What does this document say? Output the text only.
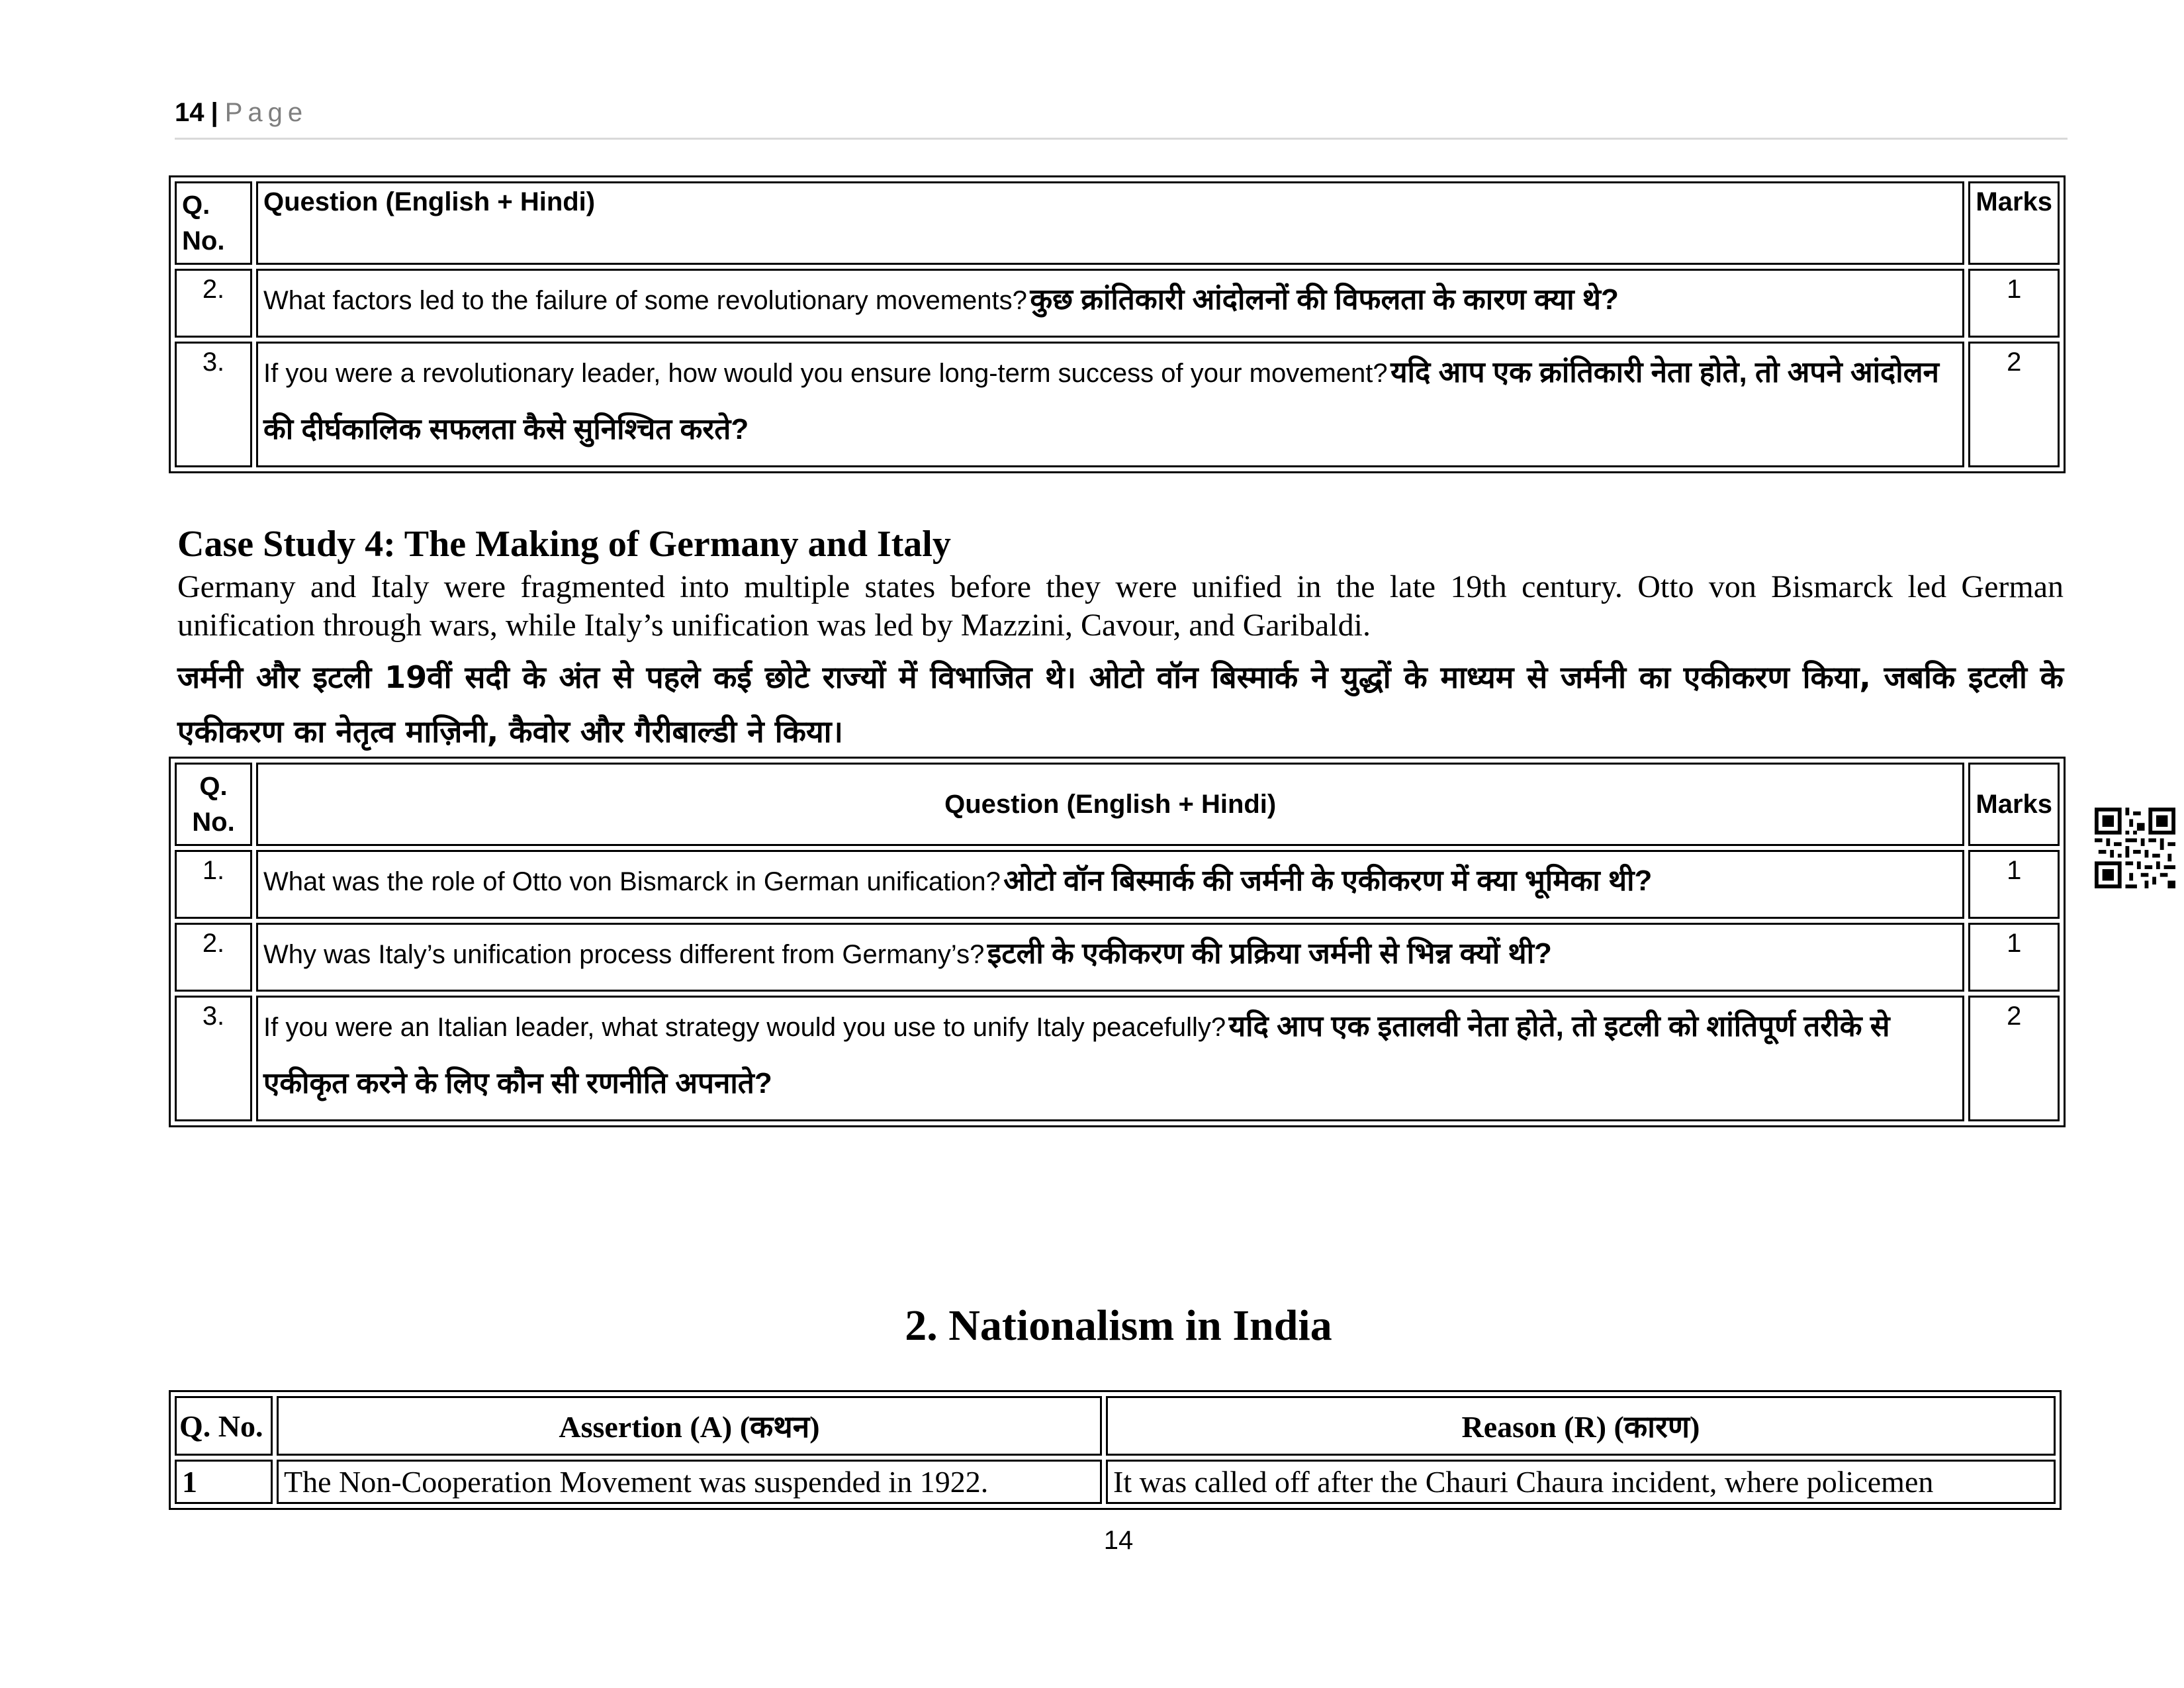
14 | Page
Q.
No.	Question (English + Hindi)	Marks
2.	What factors led to the failure of some revolutionary movements? कुछ क्रांतिकारी आंदोलनों की विफलता के कारण क्या थे?	1
3.	If you were a revolutionary leader, how would you ensure long-term success of your movement? यदि आप एक क्रांतिकारी नेता होते, तो अपने आंदोलन की दीर्घकालिक सफलता कैसे सुनिश्चित करते?	2
Case Study 4: The Making of Germany and Italy
Germany and Italy were fragmented into multiple states before they were unified in the late 19th century. Otto von Bismarck led German unification through wars, while Italy’s unification was led by Mazzini, Cavour, and Garibaldi.
जर्मनी और इटली 19वीं सदी के अंत से पहले कई छोटे राज्यों में विभाजित थे। ओटो वॉन बिस्मार्क ने युद्धों के माध्यम से जर्मनी का एकीकरण किया, जबकि इटली के एकीकरण का नेतृत्व माज़िनी, कैवोर और गैरीबाल्डी ने किया।
Q.
No.	Question (English + Hindi)	Marks
1.	What was the role of Otto von Bismarck in German unification? ओटो वॉन बिस्मार्क की जर्मनी के एकीकरण में क्या भूमिका थी?	1
2.	Why was Italy’s unification process different from Germany’s? इटली के एकीकरण की प्रक्रिया जर्मनी से भिन्न क्यों थी?	1
3.	If you were an Italian leader, what strategy would you use to unify Italy peacefully? यदि आप एक इतालवी नेता होते, तो इटली को शांतिपूर्ण तरीके से एकीकृत करने के लिए कौन सी रणनीति अपनाते?	2
2. Nationalism in India
Q. No.	Assertion (A) (कथन)	Reason (R) (कारण)
1	The Non-Cooperation Movement was suspended in 1922.	It was called off after the Chauri Chaura incident, where policemen
14
